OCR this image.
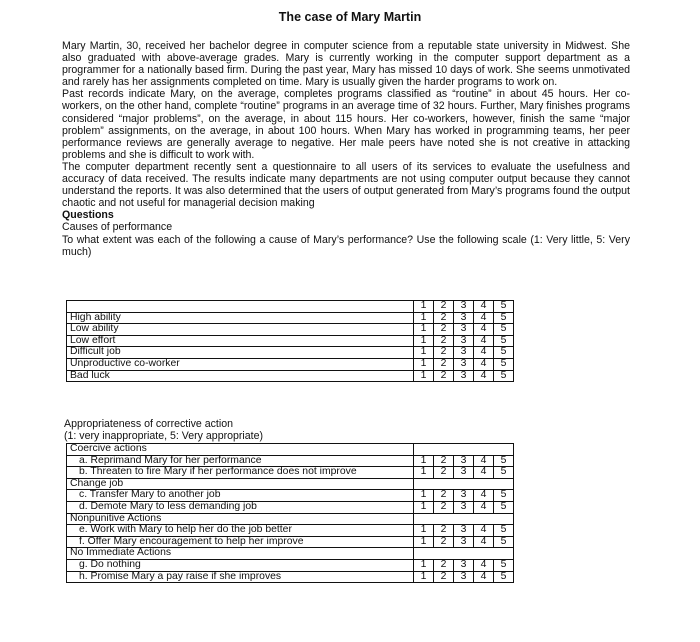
The case of Mary Martin

Mary Martin, 30, received her bachelor degree in computer science from a reputable state university in Midwest. She also graduated with above-average grades. Mary is currently working in the computer support department as a programmer for a nationally based firm. During the past year, Mary has missed 10 days of work. She seems unmotivated and rarely has her assignments completed on time. Mary is usually given the harder programs to work on.

Past records indicate Mary, on the average, completes programs classified as “routine” in about 45 hours. Her co-workers, on the other hand, complete “routine” programs in an average time of 32 hours. Further, Mary finishes programs considered “major problems”, on the average, in about 115 hours. Her co-workers, however, finish the same “major problem” assignments, on the average, in about 100 hours. When Mary has worked in programming teams, her peer performance reviews are generally average to negative. Her male peers have noted she is not creative in attacking problems and she is difficult to work with.

The computer department recently sent a questionnaire to all users of its services to evaluate the usefulness and accuracy of data received. The results indicate many departments are not using computer output because they cannot understand the reports. It was also determined that the users of output generated from Mary’s programs found the output chaotic and not useful for managerial decision making

Questions

Causes of performance

To what extent was each of the following a cause of Mary’s performance? Use the following scale (1: Very little, 5: Very much)

	1	2	3	4	5
High ability	1	2	3	4	5
Low ability	1	2	3	4	5
Low effort	1	2	3	4	5
Difficult job	1	2	3	4	5
Unproductive co-worker	1	2	3	4	5
Bad luck	1	2	3	4	5
Appropriateness of corrective action
(1: very inappropriate, 5: Very appropriate)
Coercive actions					

a. Reprimand Mary for her performance	1	2	3	4	5

b. Threaten to fire Mary if her performance does not improve	1	2	3	4	5
Change job					

c. Transfer Mary to another job	1	2	3	4	5

d. Demote Mary to less demanding job	1	2	3	4	5
Nonpunitive Actions					

e. Work with Mary to help her do the job better	1	2	3	4	5

f. Offer Mary encouragement to help her improve	1	2	3	4	5
No Immediate Actions					

g. Do nothing	1	2	3	4	5

h. Promise Mary a pay raise if she improves	1	2	3	4	5
